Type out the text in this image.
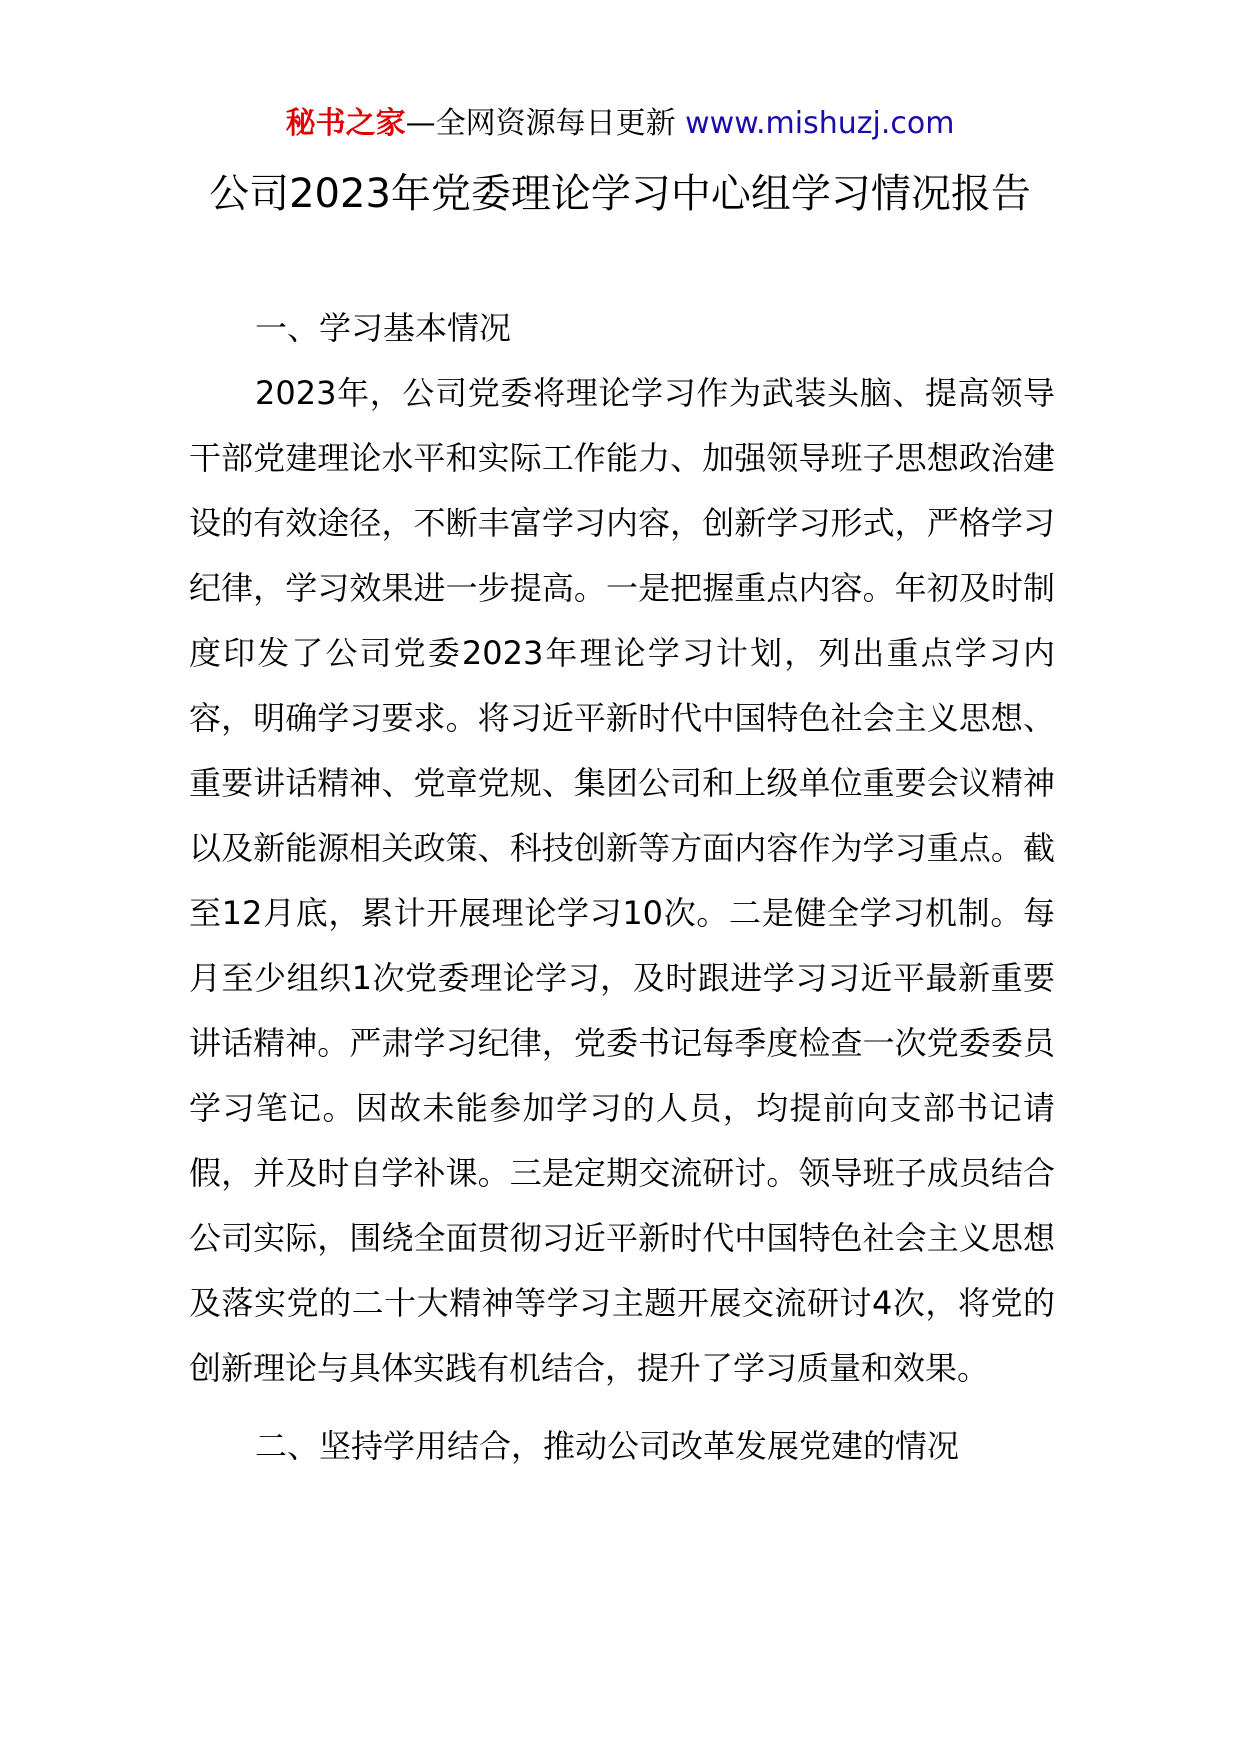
秘书之家—全网资源每日更新 www.mishuzj.com
公司2023年党委理论学习中心组学习情况报告

一、学习基本情况

2023年，公司党委将理论学习作为武装头脑、提高领导干部党建理论水平和实际工作能力、加强领导班子思想政治建设的有效途径，不断丰富学习内容，创新学习形式，严格学习纪律，学习效果进一步提高。一是把握重点内容。年初及时制度印发了公司党委2023年理论学习计划，列出重点学习内容，明确学习要求。将习近平新时代中国特色社会主义思想、重要讲话精神、党章党规、集团公司和上级单位重要会议精神以及新能源相关政策、科技创新等方面内容作为学习重点。截至12月底，累计开展理论学习10次。二是健全学习机制。每月至少组织1次党委理论学习，及时跟进学习习近平最新重要讲话精神。严肃学习纪律，党委书记每季度检查一次党委委员学习笔记。因故未能参加学习的人员，均提前向支部书记请假，并及时自学补课。三是定期交流研讨。领导班子成员结合公司实际，围绕全面贯彻习近平新时代中国特色社会主义思想及落实党的二十大精神等学习主题开展交流研讨4次，将党的创新理论与具体实践有机结合，提升了学习质量和效果。

二、坚持学用结合，推动公司改革发展党建的情况
